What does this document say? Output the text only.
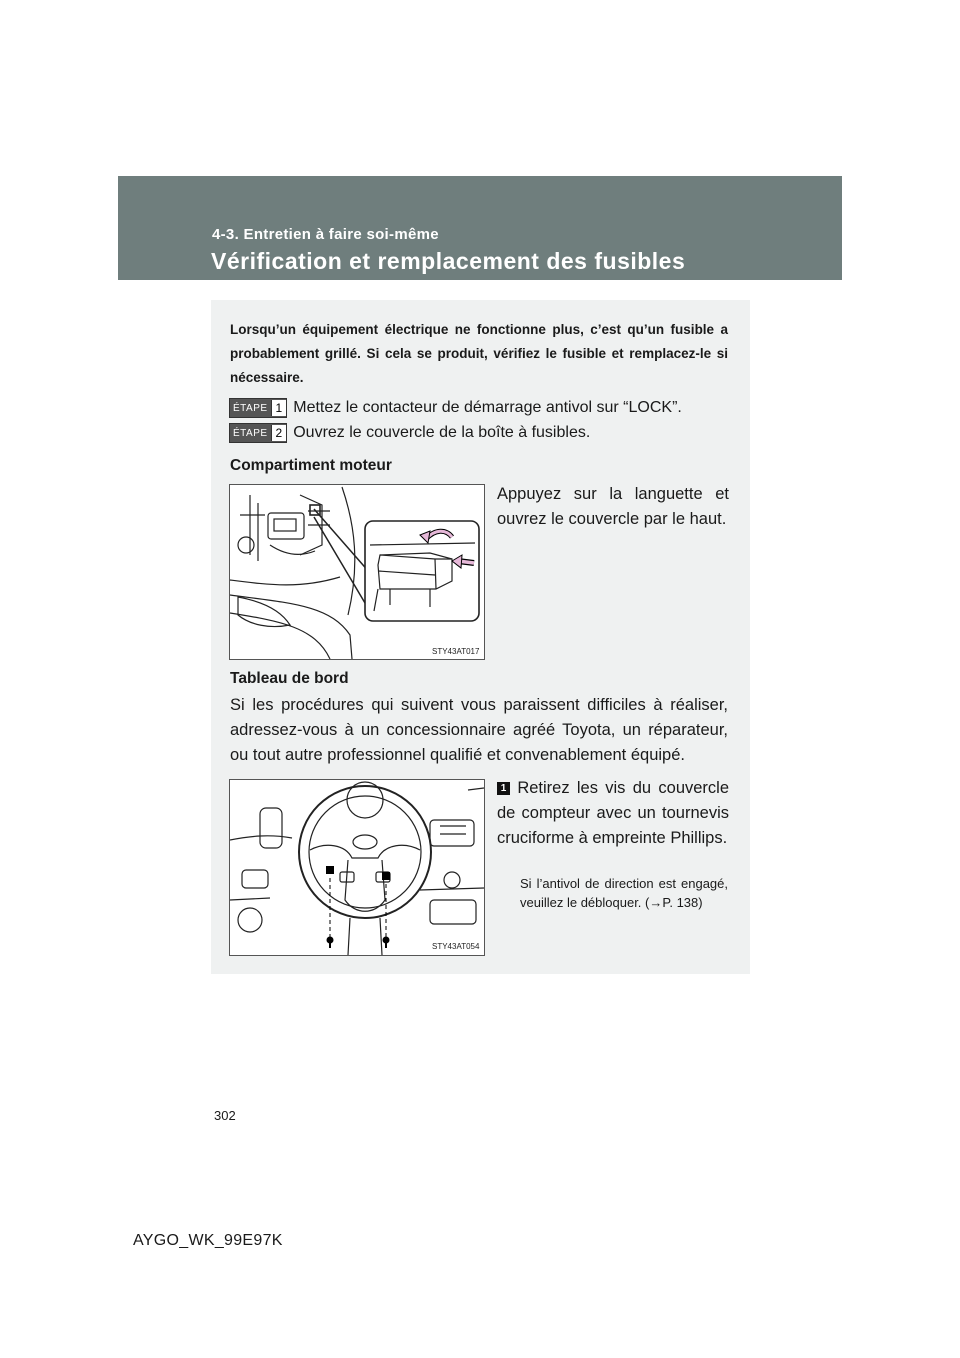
4-3. Entretien à faire soi-même
Vérification et remplacement des fusibles
Lorsqu’un équipement électrique ne fonctionne plus, c’est qu’un fusible a probablement grillé. Si cela se produit, vérifiez le fusible et remplacez-le si nécessaire.
ÉTAPE 1 Mettez le contacteur de démarrage antivol sur “LOCK”.
ÉTAPE 2 Ouvrez le couvercle de la boîte à fusibles.
Compartiment moteur
STY43AT017
Appuyez sur la languette et ouvrez le couvercle par le haut.
Tableau de bord
Si les procédures qui suivent vous paraissent difficiles à réaliser, adressez-vous à un concessionnaire agréé Toyota, un réparateur, ou tout autre professionnel qualifié et convenablement équipé.
STY43AT054
1 Retirez les vis du couvercle de compteur avec un tournevis cruciforme à empreinte Phillips.
Si l’antivol de direction est engagé, veuillez le débloquer. (→P. 138)
302
AYGO_WK_99E97K
